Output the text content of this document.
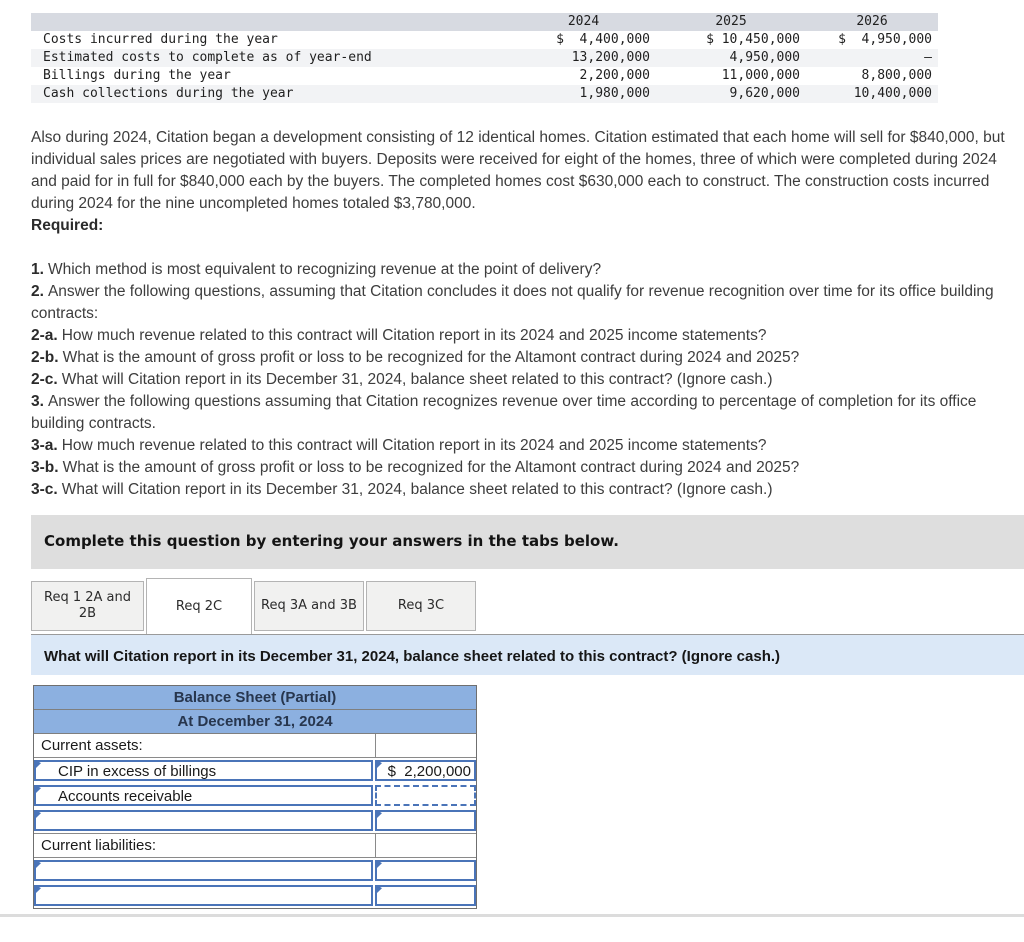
	2024	2025	2026
Costs incurred during the year	$  4,400,000	$ 10,450,000	$  4,950,000
Estimated costs to complete as of year-end	13,200,000	4,950,000	–
Billings during the year	2,200,000	11,000,000	8,800,000
Cash collections during the year	1,980,000	9,620,000	10,400,000
Also during 2024, Citation began a development consisting of 12 identical homes. Citation estimated that each home will sell for $840,000, but individual sales prices are negotiated with buyers. Deposits were received for eight of the homes, three of which were completed during 2024 and paid for in full for $840,000 each by the buyers. The completed homes cost $630,000 each to construct. The construction costs incurred during 2024 for the nine uncompleted homes totaled $3,780,000.
Required:
1. Which method is most equivalent to recognizing revenue at the point of delivery?
2. Answer the following questions, assuming that Citation concludes it does not qualify for revenue recognition over time for its office building contracts:
2-a. How much revenue related to this contract will Citation report in its 2024 and 2025 income statements?
2-b. What is the amount of gross profit or loss to be recognized for the Altamont contract during 2024 and 2025?
2-c. What will Citation report in its December 31, 2024, balance sheet related to this contract? (Ignore cash.)
3. Answer the following questions assuming that Citation recognizes revenue over time according to percentage of completion for its office building contracts.
3-a. How much revenue related to this contract will Citation report in its 2024 and 2025 income statements?
3-b. What is the amount of gross profit or loss to be recognized for the Altamont contract during 2024 and 2025?
3-c. What will Citation report in its December 31, 2024, balance sheet related to this contract? (Ignore cash.)
Complete this question by entering your answers in the tabs below.
Req 1 2A and 2B	Req 2C	Req 3A and 3B	Req 3C
What will Citation report in its December 31, 2024, balance sheet related to this contract? (Ignore cash.)
Balance Sheet (Partial)
At December 31, 2024
Current assets:
CIP in excess of billings	$  2,200,000
Accounts receivable
Current liabilities:
